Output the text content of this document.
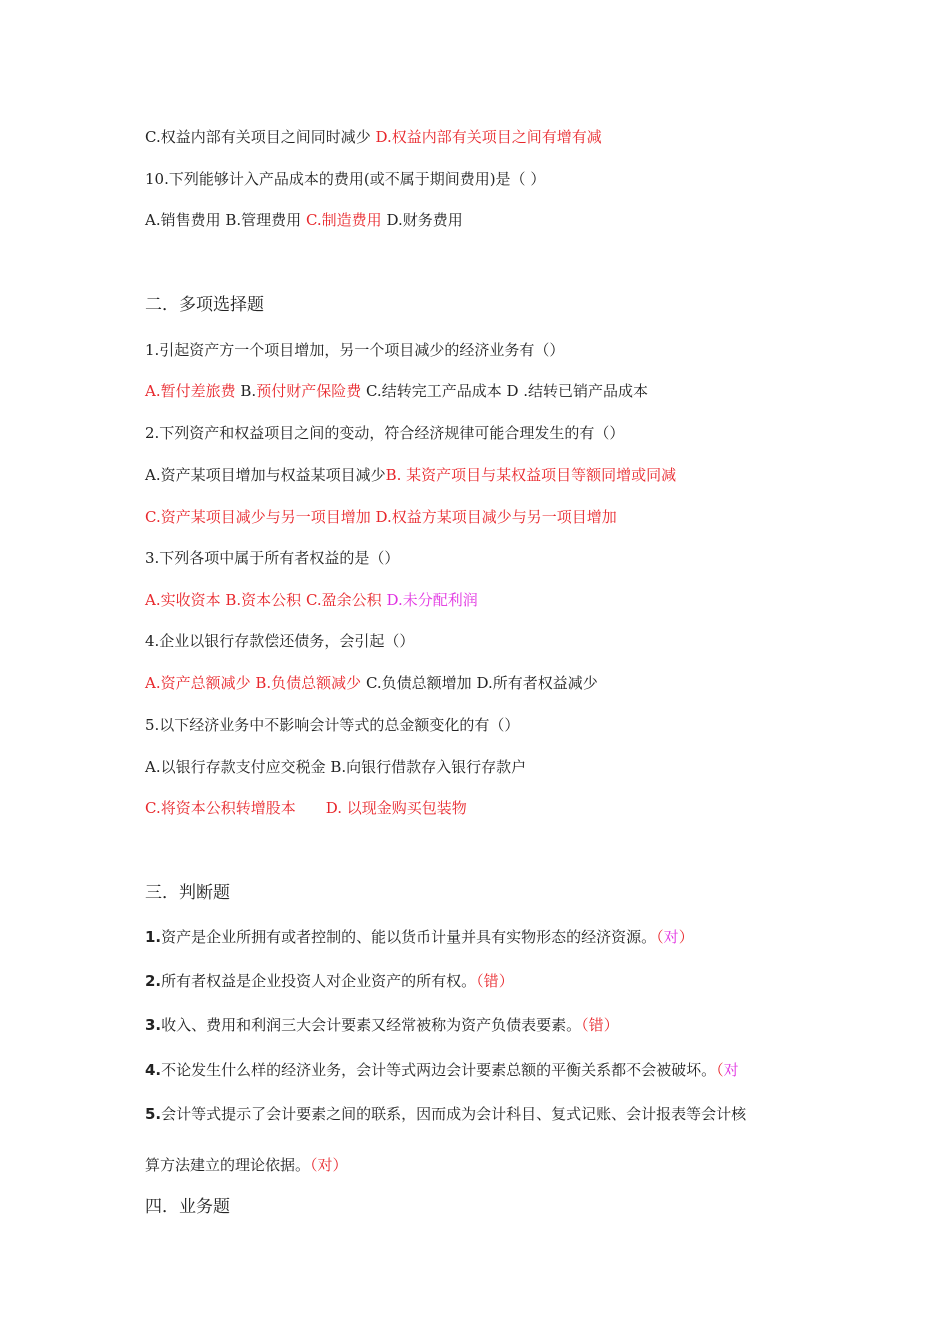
C.权益内部有关项目之间同时减少 D.权益内部有关项目之间有增有减
10.下列能够计入产品成本的费用(或不属于期间费用)是（ ）
A.销售费用 B.管理费用 C.制造费用 D.财务费用
二．多项选择题
1.引起资产方一个项目增加，另一个项目减少的经济业务有（）
A.暂付差旅费 B.预付财产保险费 C.结转完工产品成本 D .结转已销产品成本
2.下列资产和权益项目之间的变动，符合经济规律可能合理发生的有（）
A.资产某项目增加与权益某项目减少B. 某资产项目与某权益项目等额同增或同减
C.资产某项目减少与另一项目增加 D.权益方某项目减少与另一项目增加
3.下列各项中属于所有者权益的是（）
A.实收资本 B.资本公积 C.盈余公积 D.未分配利润
4.企业以银行存款偿还债务，会引起（）
A.资产总额减少 B.负债总额减少 C.负债总额增加 D.所有者权益减少
5.以下经济业务中不影响会计等式的总金额变化的有（）
A.以银行存款支付应交税金 B.向银行借款存入银行存款户
C.将资本公积转增股本 D. 以现金购买包装物
三．判断题
1.资产是企业所拥有或者控制的、能以货币计量并具有实物形态的经济资源。（对）
2.所有者权益是企业投资人对企业资产的所有权。（错）
3.收入、费用和利润三大会计要素又经常被称为资产负债表要素。（错）
4.不论发生什么样的经济业务，会计等式两边会计要素总额的平衡关系都不会被破坏。（对
5.会计等式提示了会计要素之间的联系，因而成为会计科目、复式记账、会计报表等会计核
算方法建立的理论依据。（对）
四．业务题
